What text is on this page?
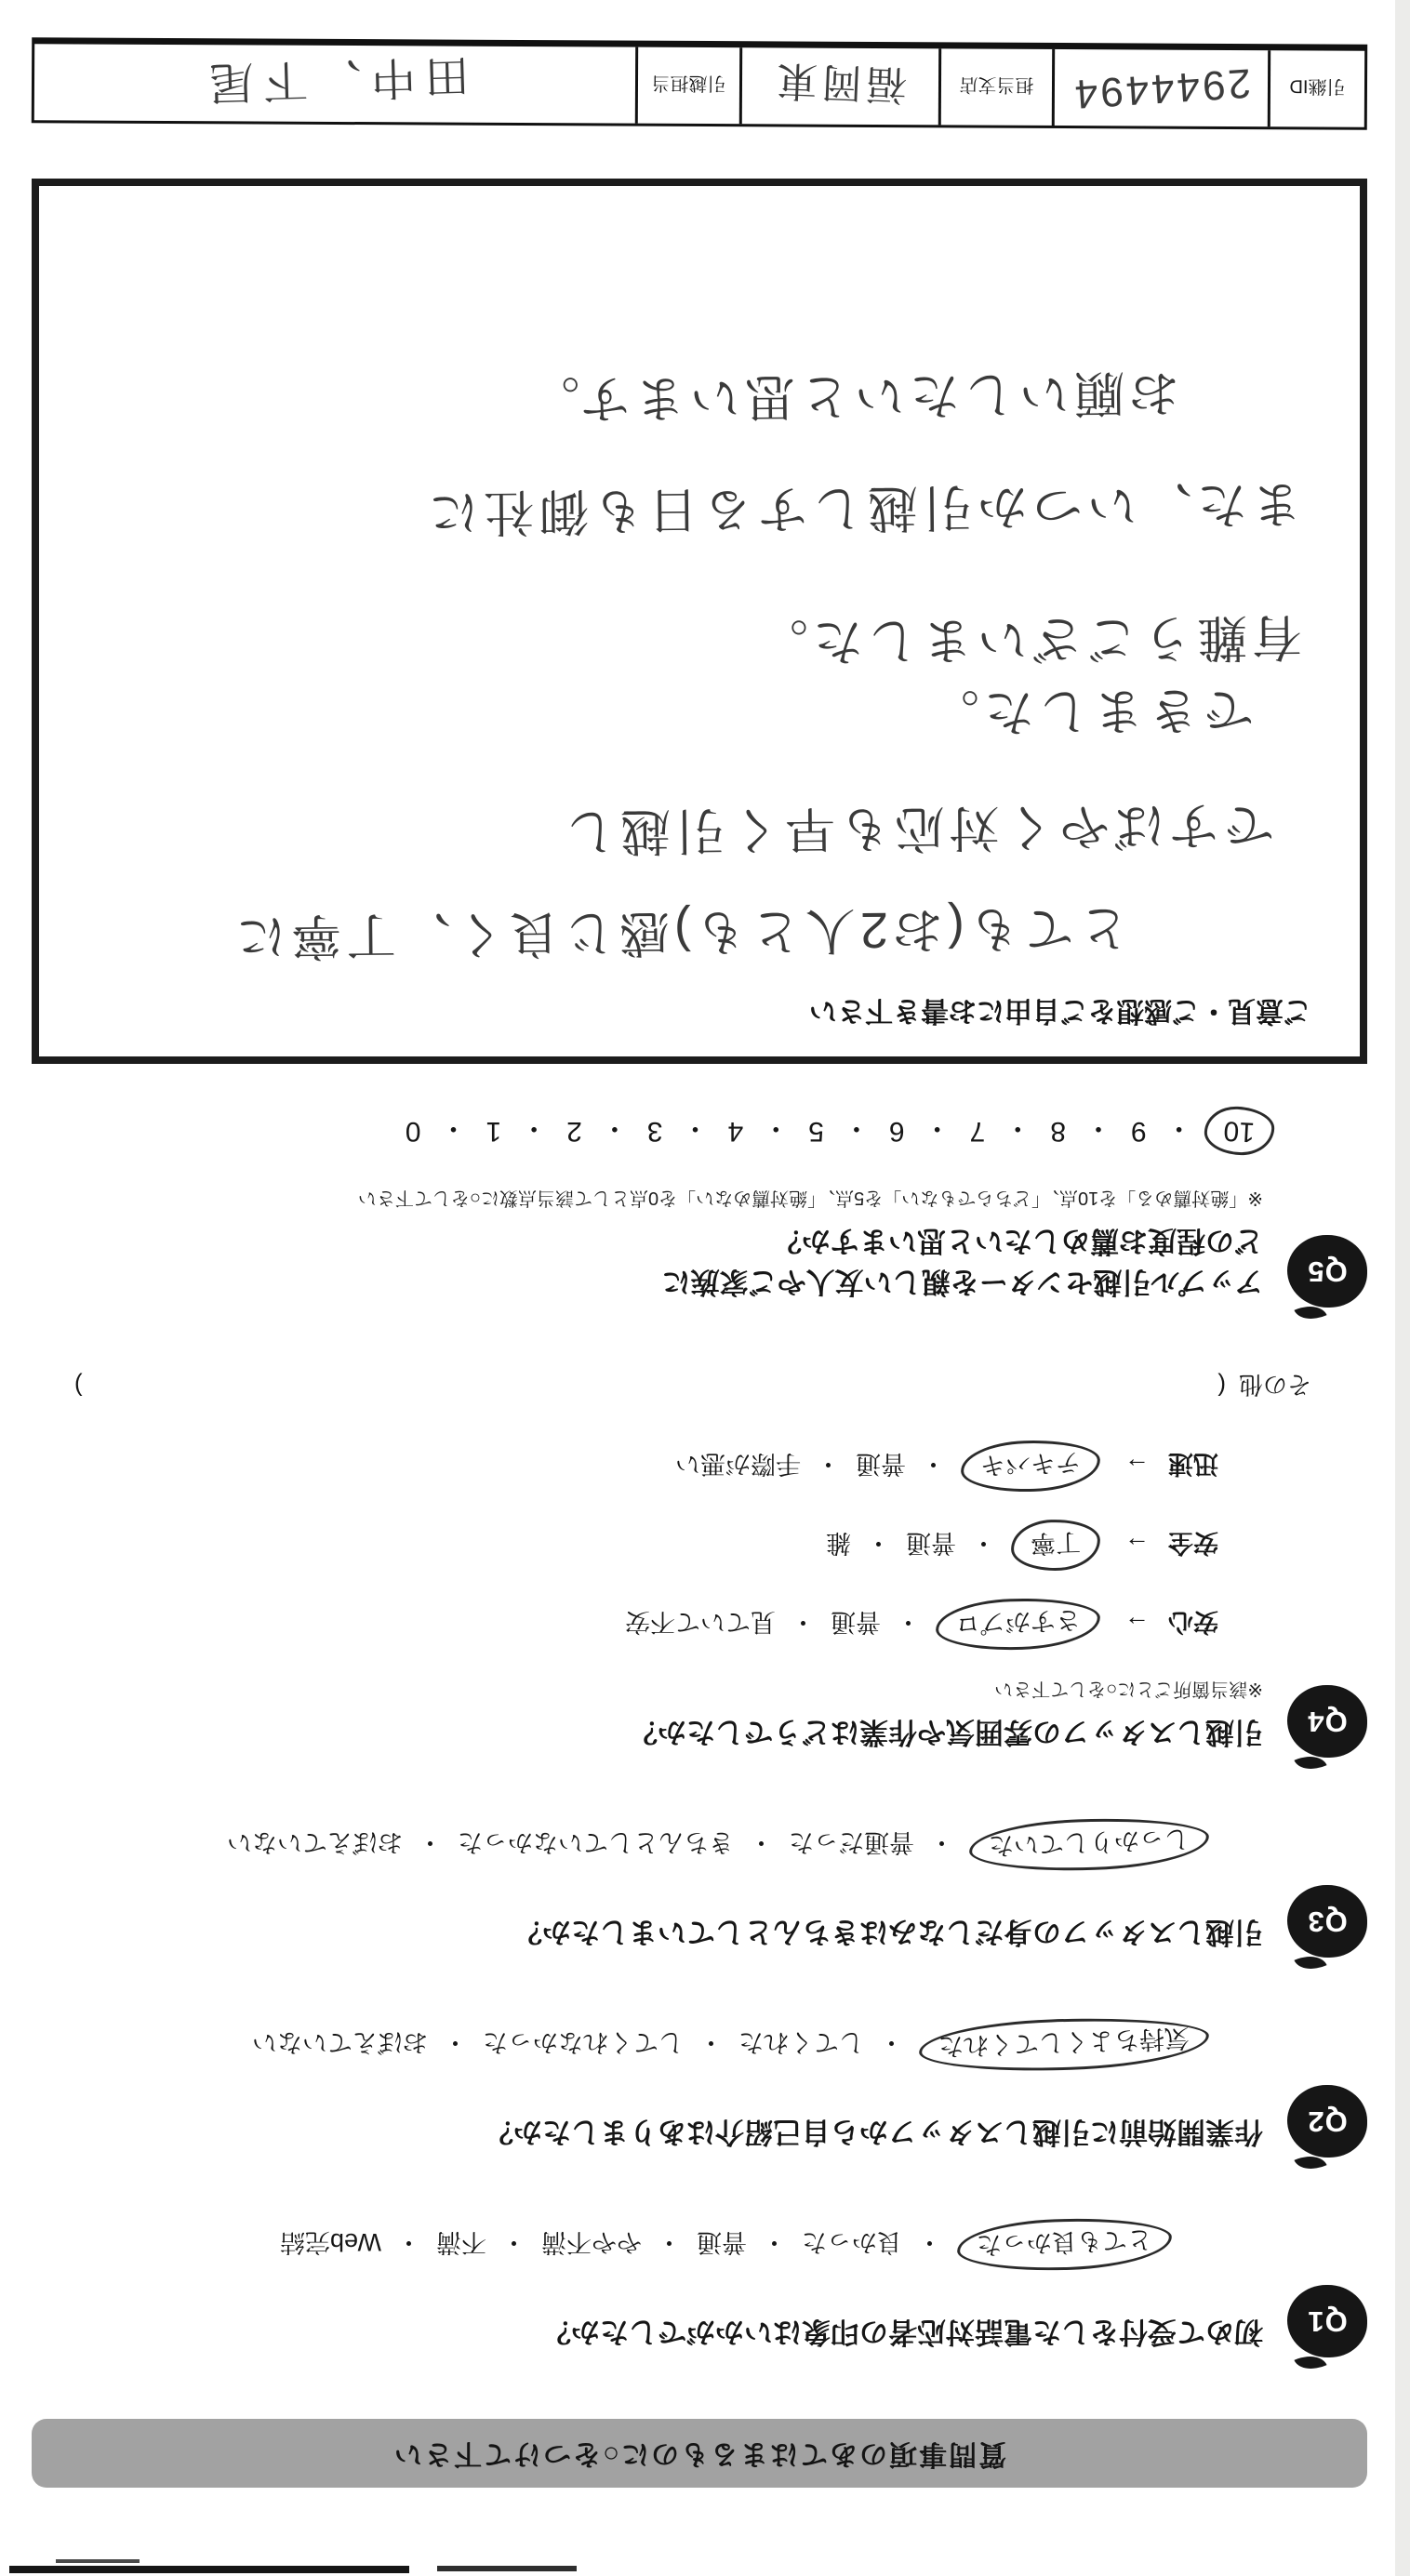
質問事項のあてはまるものに○をつけて下さい
Q1
初めて受付をした電話対応者の印象はいかがでしたか？
とても良かった
・
良かった
・
普通
・
やや不満
・
不満
・
Web完結
Q2
作業開始前に引越しスタッフから自己紹介はありましたか？
気持ちよくしてくれた
・
してくれた
・
してくれなかった
・
おぼえていない
Q3
引越しスタッフの身だしなみはきちんとしていましたか？
しっかりしていた
・
普通だった
・
きちんとしていなかった
・
おぼえていない
Q4
引越しスタッフの雰囲気や作業はどうでしたか？
※該当箇所ごとに○をして下さい
安心
→
さすがプロ
・
普通
・
見ていて不安
安全
→
丁寧
・
普通
・
雑
迅速
→
テキパキ
・
普通
・
手際が悪い
その他
(
)
Q5
アップル引越センターを親しい友人やご家族に
どの程度お薦めしたいと思いますか？
※「絶対薦める」を10点、「どちらでもない」を5点、「絶対薦めない」を0点として該当点数に○をして下さい
10
・
9
・
8
・
7
・
6
・
5
・
4
・
3
・
2
・
1
・
0
ご意見・ご感想をご自由にお書き下さい
とても(お2人とも)感じ良く、丁寧に
ですばやく対応も早く引越し
できました。
有難うございました。
また、いつか引越しする日も御社に
お願いしたいと思います。
引継ID
2944494
担当支店
福岡東
引越担当
田中、下尾
